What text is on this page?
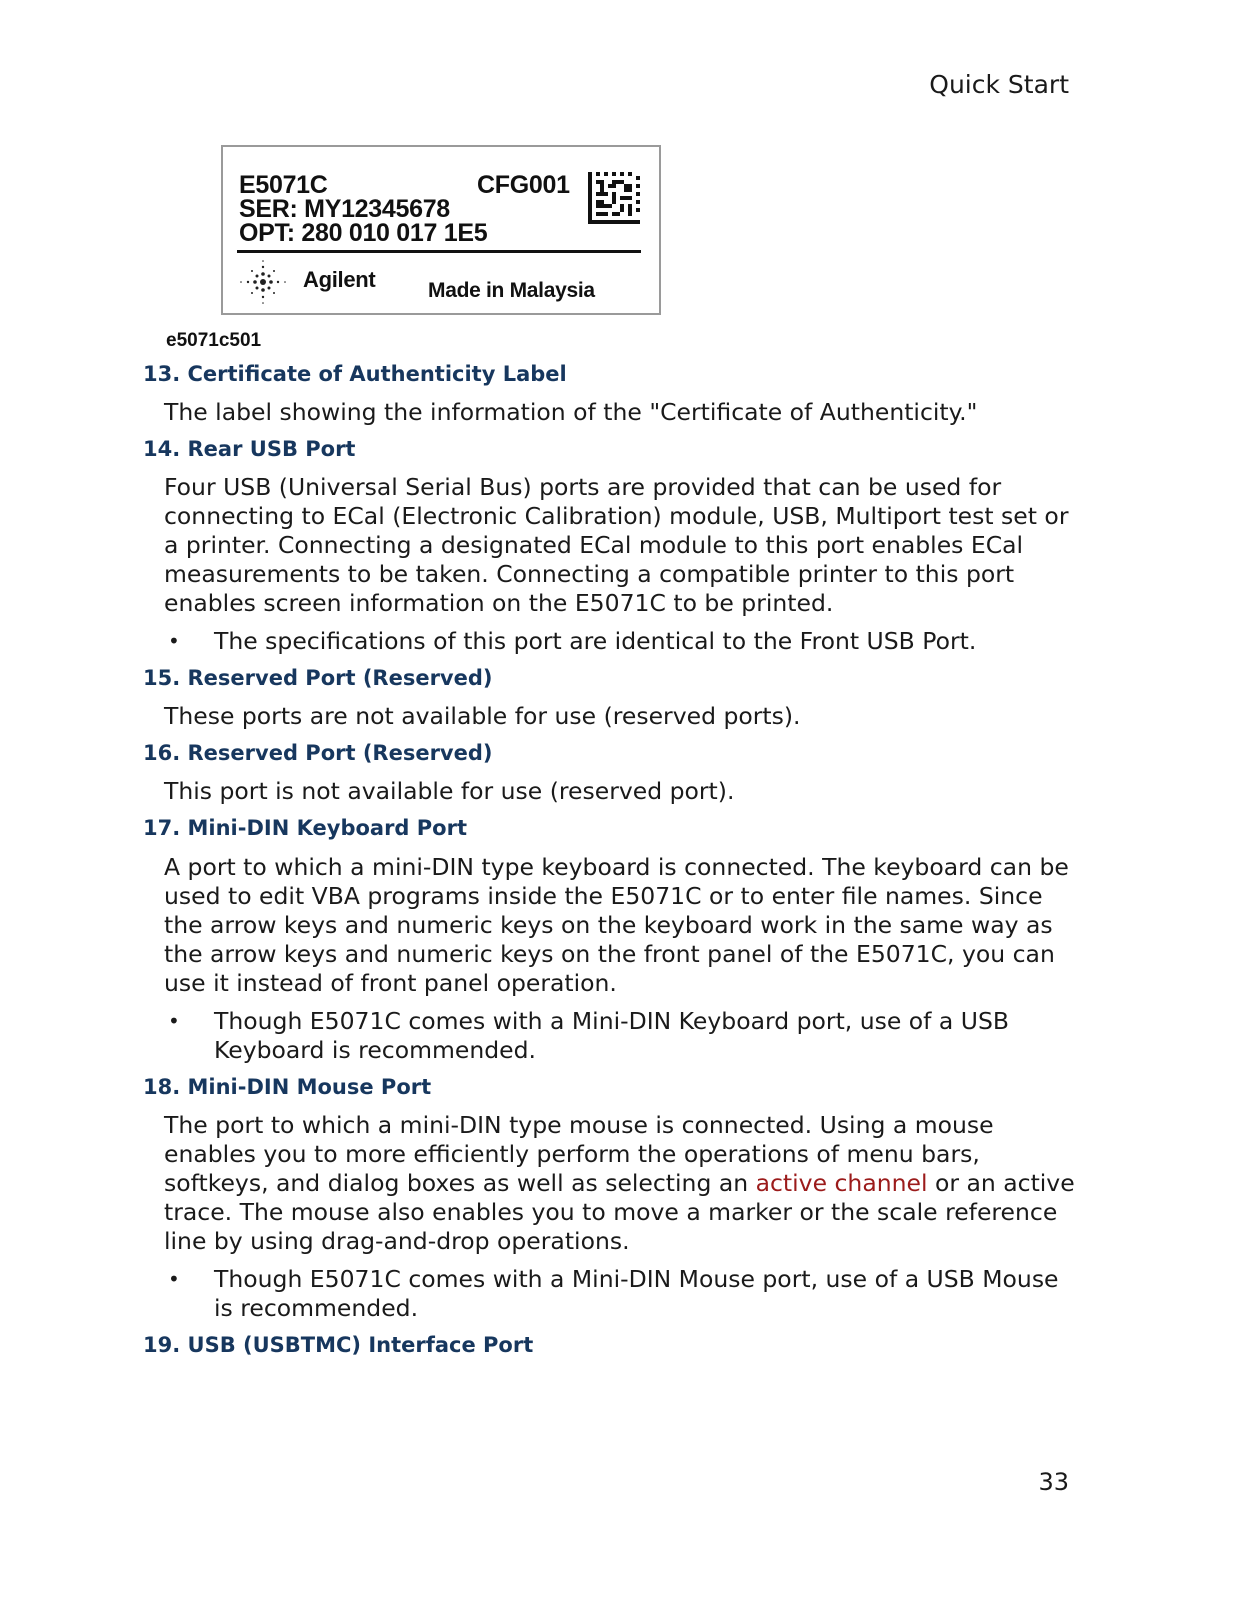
Quick Start
E5071C	CFG001
SER: MY12345678
OPT: 280 010 017 1E5
Agilent	Made in Malaysia
e5071c501
13. Certificate of Authenticity Label
The label showing the information of the "Certificate of Authenticity."
14. Rear USB Port
Four USB (Universal Serial Bus) ports are provided that can be used for connecting to ECal (Electronic Calibration) module, USB, Multiport test set or a printer. Connecting a designated ECal module to this port enables ECal measurements to be taken. Connecting a compatible printer to this port enables screen information on the E5071C to be printed.
• The specifications of this port are identical to the Front USB Port.
15. Reserved Port (Reserved)
These ports are not available for use (reserved ports).
16. Reserved Port (Reserved)
This port is not available for use (reserved port).
17. Mini-DIN Keyboard Port
A port to which a mini-DIN type keyboard is connected. The keyboard can be used to edit VBA programs inside the E5071C or to enter file names. Since the arrow keys and numeric keys on the keyboard work in the same way as the arrow keys and numeric keys on the front panel of the E5071C, you can use it instead of front panel operation.
• Though E5071C comes with a Mini-DIN Keyboard port, use of a USB Keyboard is recommended.
18. Mini-DIN Mouse Port
The port to which a mini-DIN type mouse is connected. Using a mouse enables you to more efficiently perform the operations of menu bars, softkeys, and dialog boxes as well as selecting an active channel or an active trace. The mouse also enables you to move a marker or the scale reference line by using drag-and-drop operations.
• Though E5071C comes with a Mini-DIN Mouse port, use of a USB Mouse is recommended.
19. USB (USBTMC) Interface Port
33
